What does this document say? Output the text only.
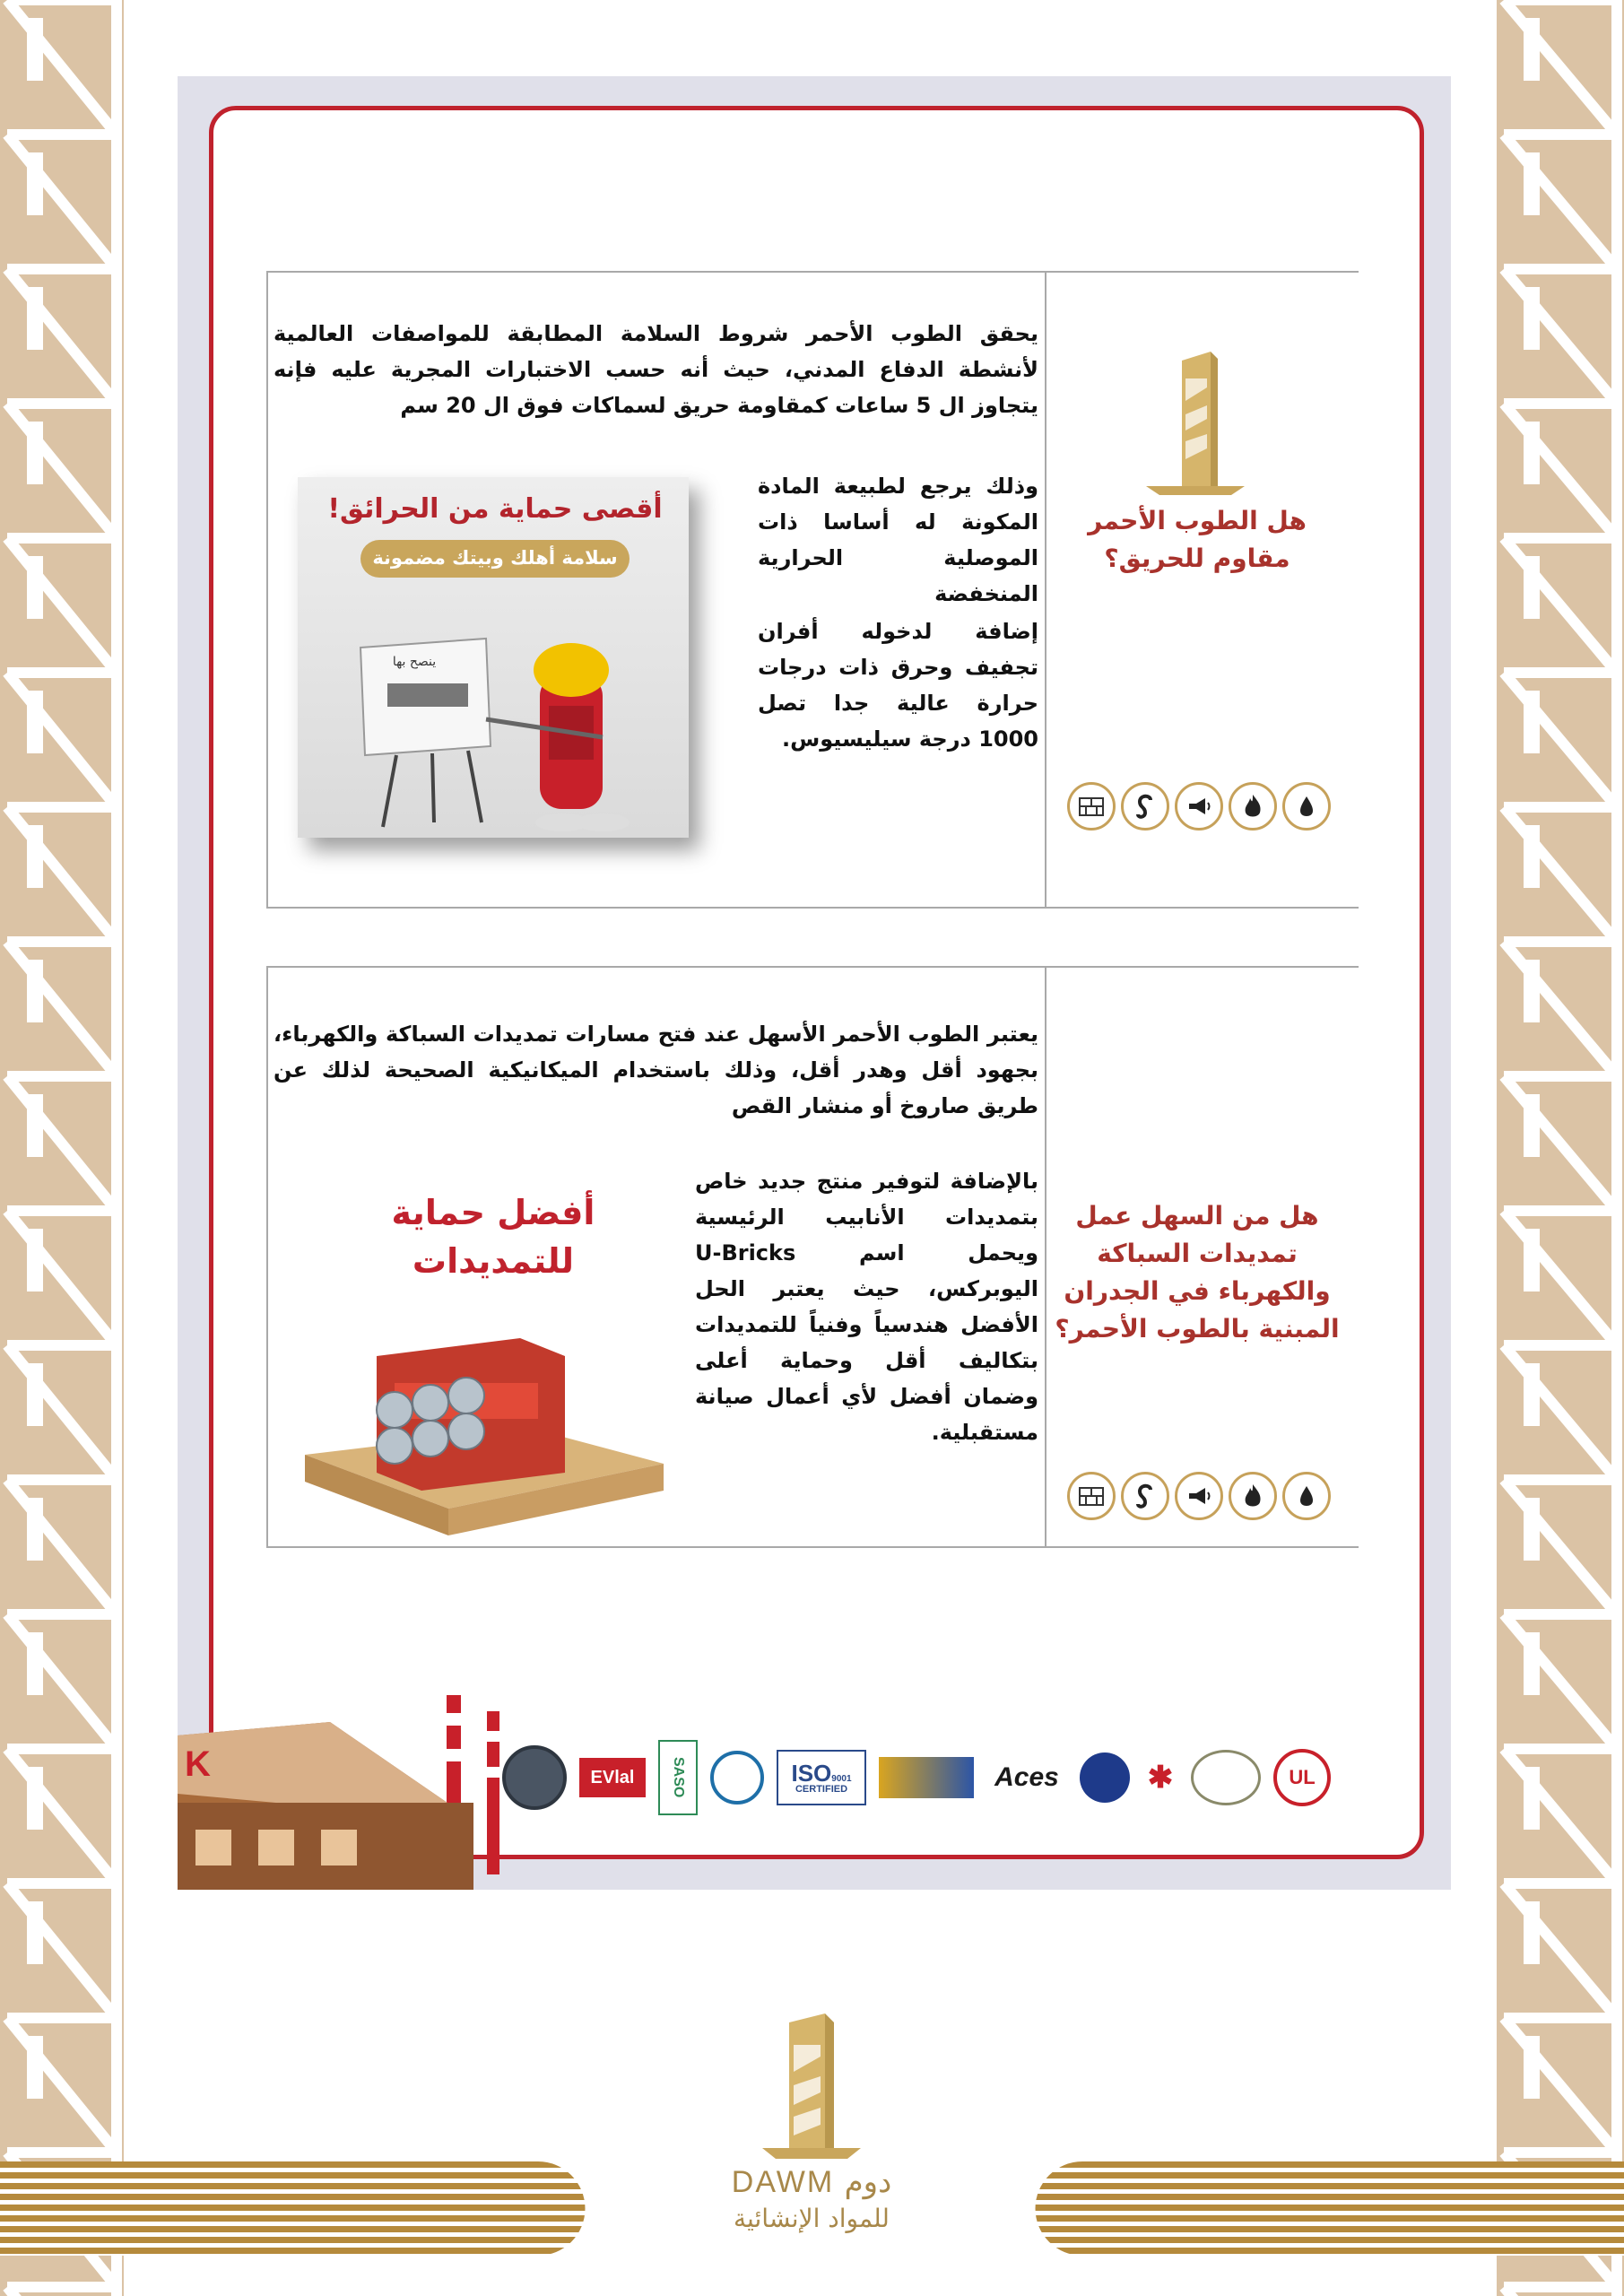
هل الطوب الأحمر مقاوم للحريق؟

يحقق الطوب الأحمر شروط السلامة المطابقة للمواصفات العالمية لأنشطة الدفاع المدني، حيث أنه حسب الاختبارات المجرية عليه فإنه يتجاوز ال 5 ساعات كمقاومة حريق لسماكات فوق ال 20 سم

وذلك يرجع لطبيعة المادة المكونة له أساسا ذات الموصلية الحرارية المنخفضة

إضافة لدخوله أفران تجفيف وحرق ذات درجات حرارة عالية جدا تصل 1000 درجة سيليسيوس.

أقصى حماية من الحرائق!
سلامة أهلك وبيتك مضمونة
ينصح بها
هل من السهل عمل تمديدات السباكة والكهرباء في الجدران المبنية بالطوب الأحمر؟

يعتبر الطوب الأحمر الأسهل عند فتح مسارات تمديدات السباكة والكهرباء، بجهود أقل وهدر أقل، وذلك باستخدام الميكانيكية الصحيحة لذلك عن طريق صاروخ أو منشار القص

بالإضافة لتوفير منتج جديد خاص بتمديدات الأنابيب الرئيسية ويحمل اسم U-Bricks اليوبركس، حيث يعتبر الحل الأفضل هندسياً وفنياً للتمديدات بتكاليف أقل وحماية أعلى وضمان أفضل لأي أعمال صيانة مستقبلية.

أفضل حماية
للتمديدات
K	EVlal	SASO	ISO9001
CERTIFIED	Aces	✱	UL
DAWM دوم
للمواد الإنشائية
